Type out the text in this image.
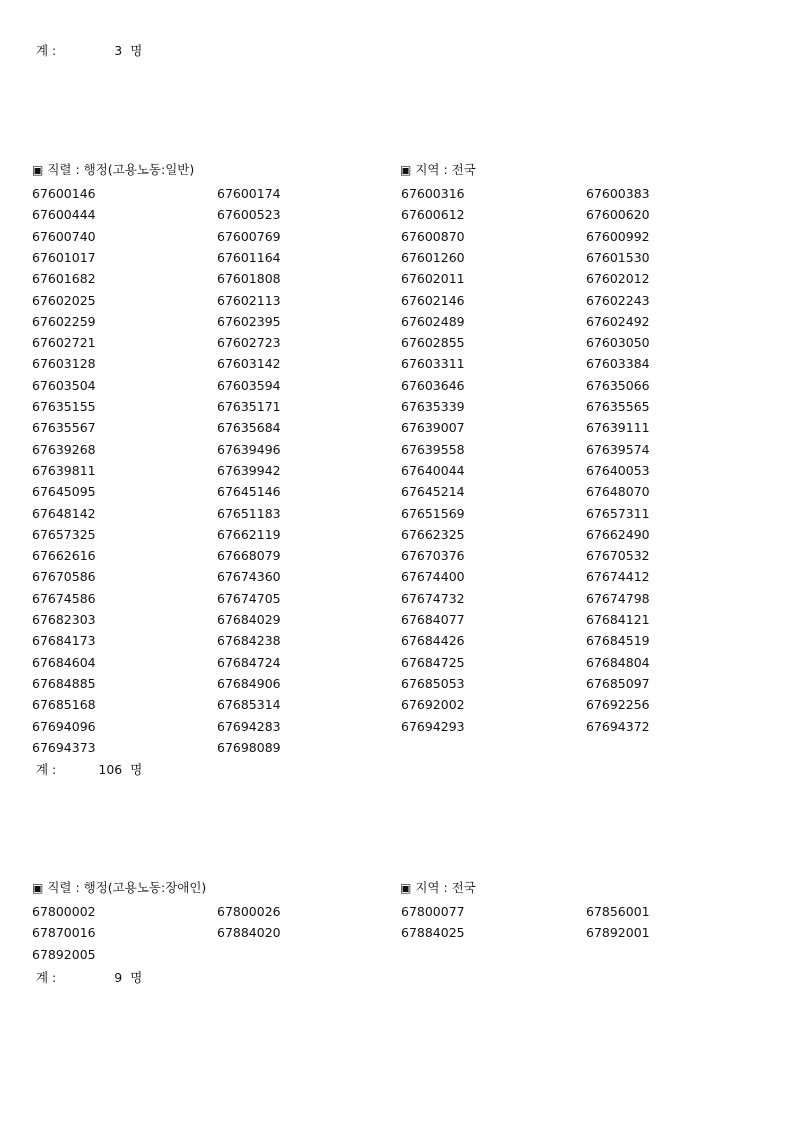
계 :	3 명
▣ 직렬 : 행정(고용노동:일반)	▣ 지역 : 전국
67600146	67600174	67600316	67600383
67600444	67600523	67600612	67600620
67600740	67600769	67600870	67600992
67601017	67601164	67601260	67601530
67601682	67601808	67602011	67602012
67602025	67602113	67602146	67602243
67602259	67602395	67602489	67602492
67602721	67602723	67602855	67603050
67603128	67603142	67603311	67603384
67603504	67603594	67603646	67635066
67635155	67635171	67635339	67635565
67635567	67635684	67639007	67639111
67639268	67639496	67639558	67639574
67639811	67639942	67640044	67640053
67645095	67645146	67645214	67648070
67648142	67651183	67651569	67657311
67657325	67662119	67662325	67662490
67662616	67668079	67670376	67670532
67670586	67674360	67674400	67674412
67674586	67674705	67674732	67674798
67682303	67684029	67684077	67684121
67684173	67684238	67684426	67684519
67684604	67684724	67684725	67684804
67684885	67684906	67685053	67685097
67685168	67685314	67692002	67692256
67694096	67694283	67694293	67694372
67694373	67698089
계 :	106 명
▣ 직렬 : 행정(고용노동:장애인)	▣ 지역 : 전국
67800002	67800026	67800077	67856001
67870016	67884020	67884025	67892001
67892005
계 :	9 명
